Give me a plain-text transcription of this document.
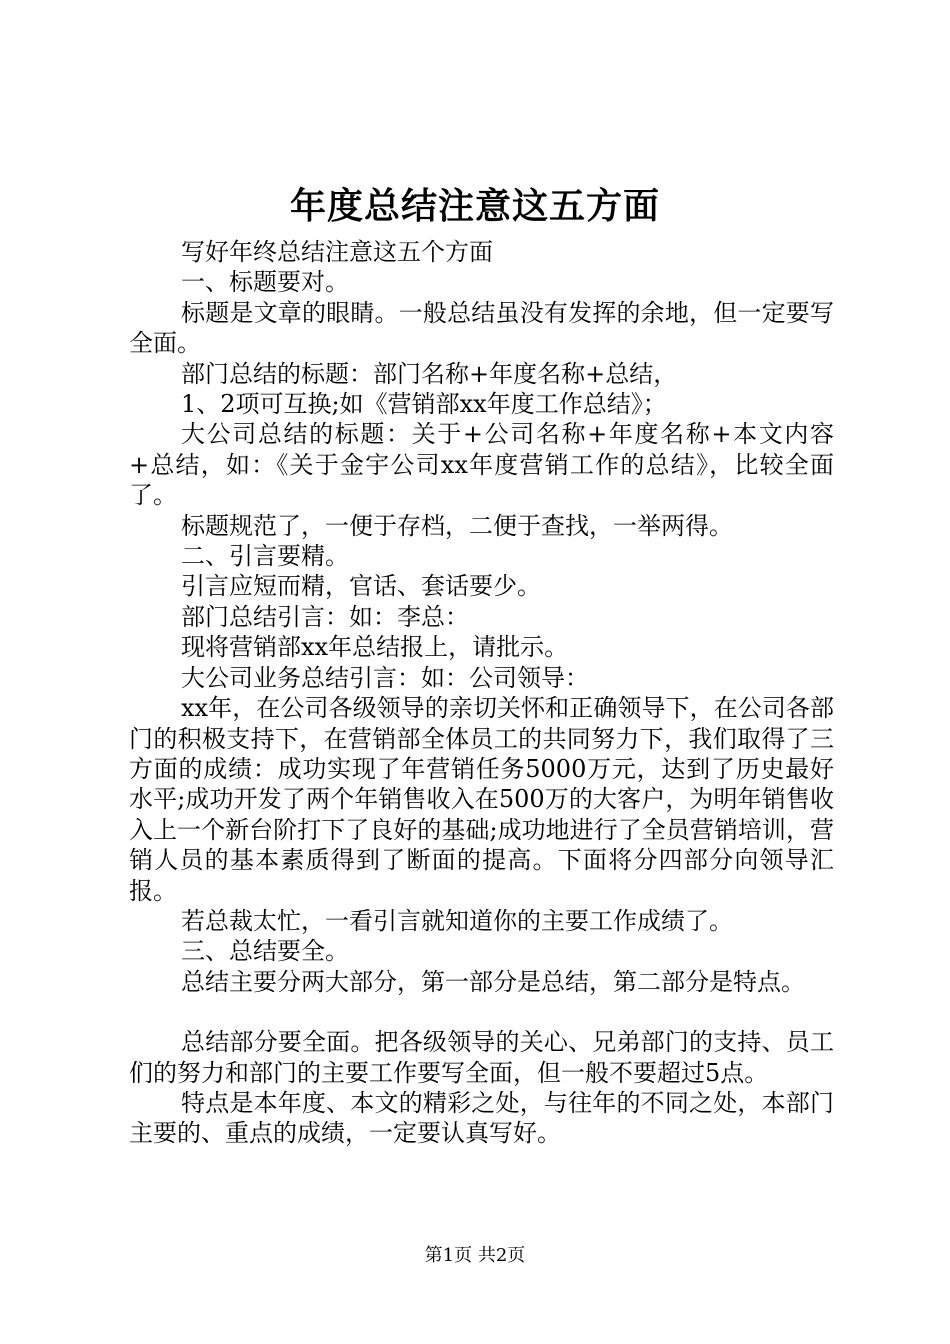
年度总结注意这五方面

写好年终总结注意这五个方面

一、标题要对。

标题是文章的眼睛。一般总结虽没有发挥的余地，但一定要写全面。

部门总结的标题：部门名称+年度名称+总结，

1、2项可互换;如《营销部xx年度工作总结》；

大公司总结的标题：关于+公司名称+年度名称+本文内容+总结，如：《关于金宇公司xx年度营销工作的总结》，比较全面了。

标题规范了，一便于存档，二便于查找，一举两得。

二、引言要精。

引言应短而精，官话、套话要少。

部门总结引言：如：李总：

现将营销部xx年总结报上，请批示。

大公司业务总结引言：如：公司领导：

xx年，在公司各级领导的亲切关怀和正确领导下，在公司各部门的积极支持下，在营销部全体员工的共同努力下，我们取得了三方面的成绩：成功实现了年营销任务5000万元，达到了历史最好水平;成功开发了两个年销售收入在500万的大客户，为明年销售收入上一个新台阶打下了良好的基础;成功地进行了全员营销培训，营销人员的基本素质得到了断面的提高。下面将分四部分向领导汇报。

若总裁太忙，一看引言就知道你的主要工作成绩了。

三、总结要全。

总结主要分两大部分，第一部分是总结，第二部分是特点。

总结部分要全面。把各级领导的关心、兄弟部门的支持、员工们的努力和部门的主要工作要写全面，但一般不要超过5点。

特点是本年度、本文的精彩之处，与往年的不同之处，本部门主要的、重点的成绩，一定要认真写好。

第1页 共2页
